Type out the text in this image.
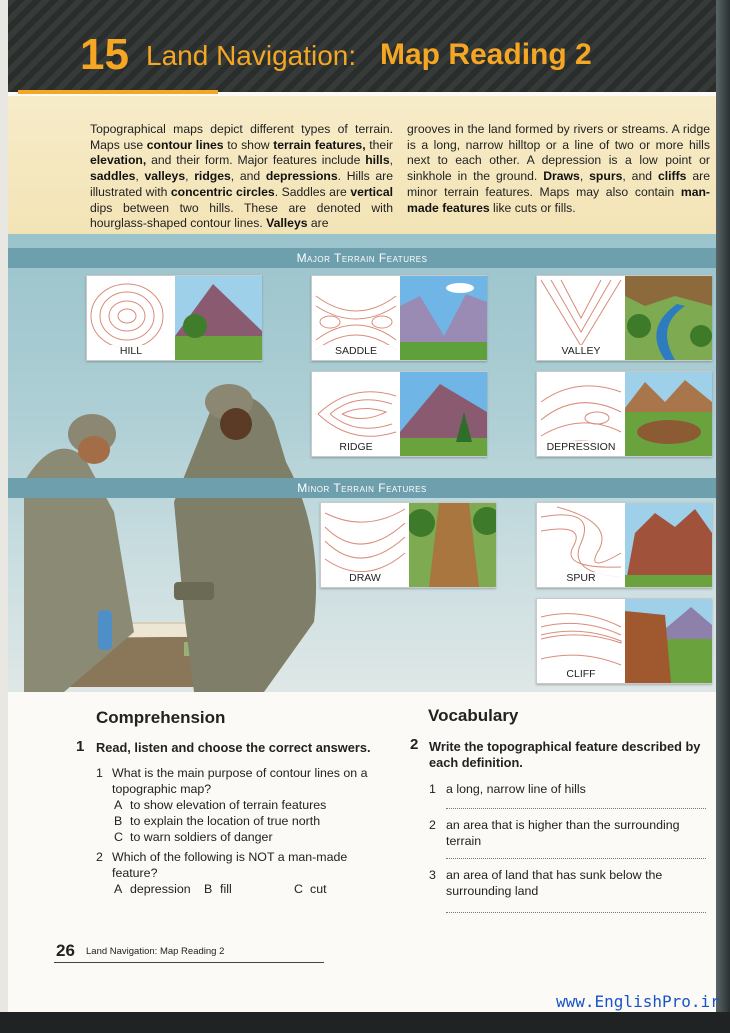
15 Land Navigation: Map Reading 2
Topographical maps depict different types of terrain. Maps use contour lines to show terrain features, their elevation, and their form. Major features include hills, saddles, valleys, ridges, and depressions. Hills are illustrated with concentric circles. Saddles are vertical dips between two hills. These are denoted with hourglass-shaped contour lines. Valleys are
grooves in the land formed by rivers or streams. A ridge is a long, narrow hilltop or a line of two or more hills next to each other. A depression is a low point or sinkhole in the ground. Draws, spurs, and cliffs are minor terrain features. Maps may also contain man-made features like cuts or fills.
Major Terrain Features
Minor Terrain Features
HILL	SADDLE	VALLEY
RIDGE	DEPRESSION
DRAW	SPUR
CLIFF
Comprehension
1 Read, listen and choose the correct answers.
1 What is the main purpose of contour lines on a topographic map?
A to show elevation of terrain features
B to explain the location of true north
C to warn soldiers of danger
2 Which of the following is NOT a man-made feature?
A depression B fill	C cut
Vocabulary
2 Write the topographical feature described by each definition.
1 a long, narrow line of hills
2 an area that is higher than the surrounding terrain
3 an area of land that has sunk below the surrounding land
26 Land Navigation: Map Reading 2
www.EnglishPro.ir
